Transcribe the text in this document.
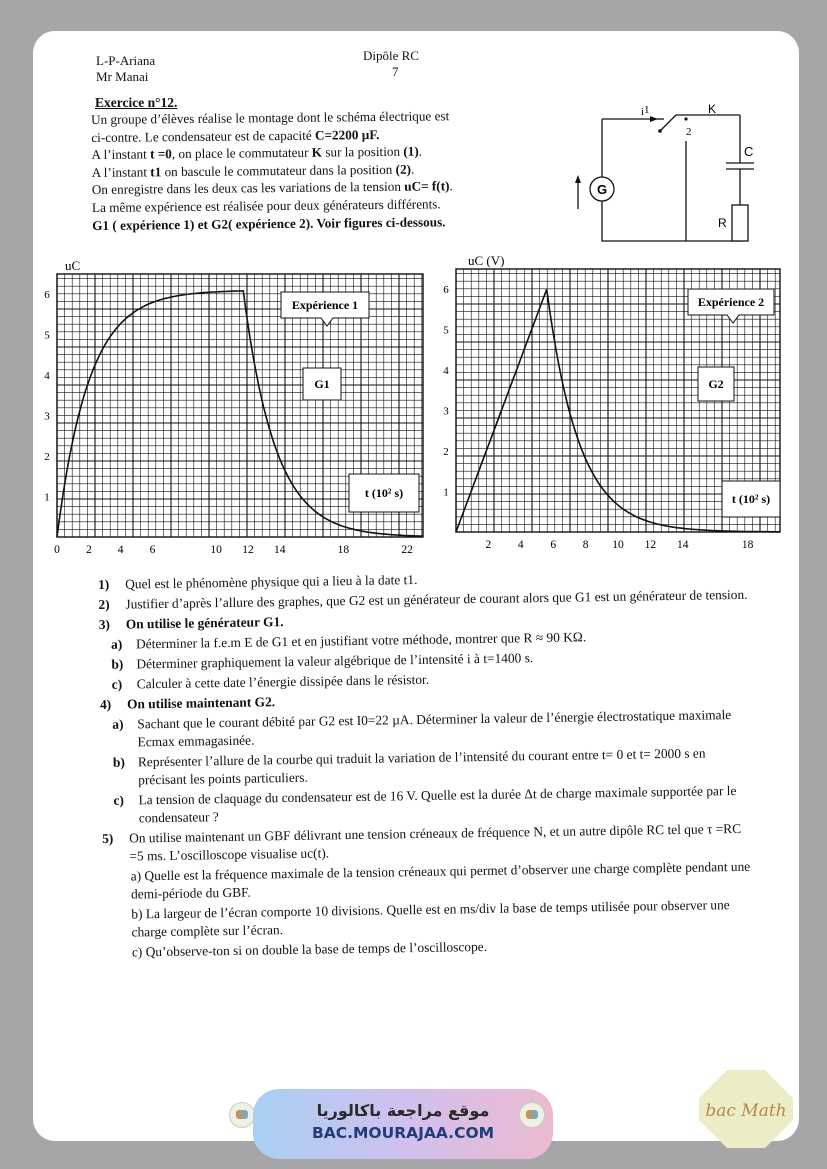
L-P-Ariana
Mr Manai
Dipôle RC
7
Exercice n°12.

Un groupe d’élèves réalise le montage dont le schéma électrique est

ci-contre. Le condensateur est de capacité C=2200 µF.

A l’instant t =0, on place le commutateur K sur la position (1).

A l’instant t1 on bascule le commutateur dans la position (2).

On enregistre dans les deux cas les variations de la tension uC= f(t).

La même expérience est réalisée pour deux générateurs différents.

G1 ( expérience 1) et G2( expérience 2). Voir figures ci-dessous.

i 1
2
K
C
R
G
1
2
3
4
5
6
0 2 4 6	10 12 14	18	22
uC
Expérience 1
G1
t (10² s)	1
2
3
4
5
6
2 4 6 8 10 12 14	18
uC (V)
Expérience 2
G2
t (10² s)
1)	Quel est le phénomène physique qui a lieu à la date t1.
2)	Justifier d’après l’allure des graphes, que G2 est un générateur de courant alors que G1 est un générateur de tension.
3)	On utilise le générateur G1.
a)	Déterminer la f.e.m E de G1 et en justifiant votre méthode, montrer que R ≈ 90 KΩ.
b) Déterminer graphiquement la valeur algébrique de l’intensité i à t=1400 s.
c)	Calculer à cette date l’énergie dissipée dans le résistor.
4)	On utilise maintenant G2.
a)	Sachant que le courant débité par G2 est I0=22 µA. Déterminer la valeur de l’énergie électrostatique maximale Ecmax emmagasinée.
b) Représenter l’allure de la courbe qui traduit la variation de l’intensité du courant entre t= 0 et t= 2000 s en précisant les points particuliers.
c)	La tension de claquage du condensateur est de 16 V. Quelle est la durée Δt de charge maximale supportée par le condensateur ?
5)	On utilise maintenant un GBF délivrant une tension créneaux de fréquence N, et un autre dipôle RC tel que τ =RC =5 ms. L’oscilloscope visualise uc(t).

a) Quelle est la fréquence maximale de la tension créneaux qui permet d’observer une charge complète pendant une demi-période du GBF.

b) La largeur de l’écran comporte 10 divisions. Quelle est en ms/div la base de temps utilisée pour observer une charge complète sur l’écran.

c) Qu’observe-ton si on double la base de temps de l’oscilloscope.

موقع مراجعة باكالوريا
BAC.MOURAJAA.COM
bac Math
